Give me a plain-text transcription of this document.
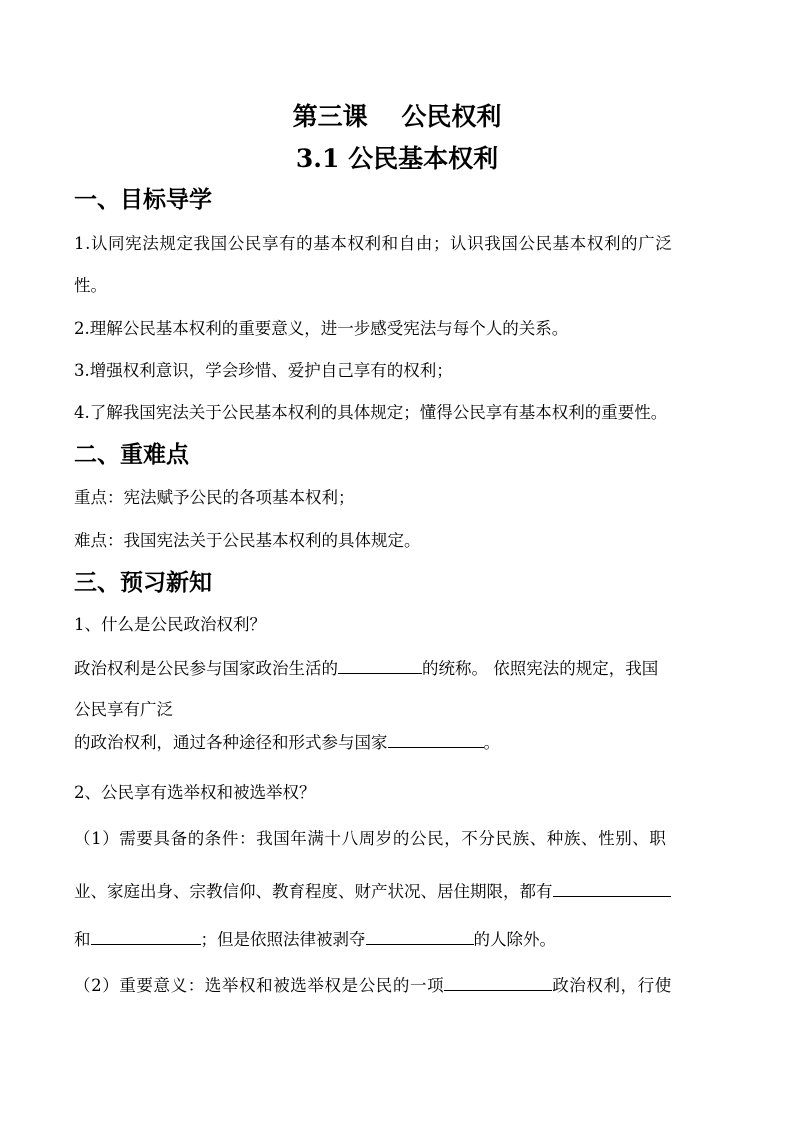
第三课　 公民权利
3.1 公民基本权利
一、目标导学
1.认同宪法规定我国公民享有的基本权利和自由；认识我国公民基本权利的广泛
性。
2.理解公民基本权利的重要意义，进一步感受宪法与每个人的关系。
3.增强权利意识，学会珍惜、爱护自己享有的权利；
4.了解我国宪法关于公民基本权利的具体规定；懂得公民享有基本权利的重要性。
二、重难点
重点：宪法赋予公民的各项基本权利；
难点：我国宪法关于公民基本权利的具体规定。
三、预习新知
1、什么是公民政治权利？
政治权利是公民参与国家政治生活的	的统称。 依照宪法的规定，我国
公民享有广泛
的政治权利，通过各种途径和形式参与国家	。
2、公民享有选举权和被选举权？
（1）需要具备的条件：我国年满十八周岁的公民，不分民族、种族、性别、职
业、家庭出身、宗教信仰、教育程度、财产状况、居住期限，都有
和	；但是依照法律被剥夺	的人除外。
（2）重要意义：选举权和被选举权是公民的一项	政治权利，行使
